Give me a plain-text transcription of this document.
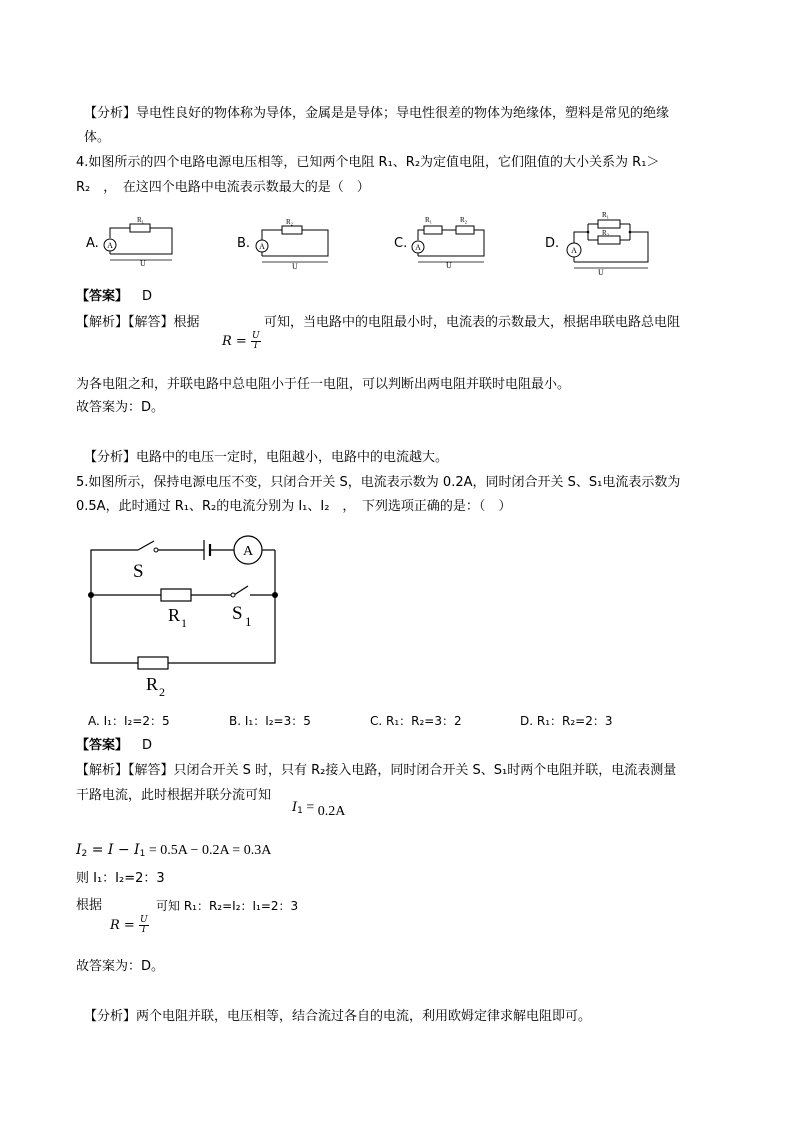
【分析】导电性良好的物体称为导体，金属是是导体；导电性很差的物体为绝缘体，塑料是常见的绝缘
体。
4.如图所示的四个电路电源电压相等，已知两个电阻 R₁、R₂为定值电阻，它们阻值的大小关系为 R₁＞
R₂　，　在这四个电路中电流表示数最大的是（　）
A.	B.	C.	D.
A
R₁
U
A
R₂
U
A
R₁	R₂
U
A
R₁
R₂
U
【答案】 D
【解析】【解答】根据	可知，当电路中的电阻最小时，电流表的示数最大，根据串联电路总电阻
$R = \frac{U}{I}$
为各电阻之和，并联电路中总电阻小于任一电阻，可以判断出两电阻并联时电阻最小。
故答案为：D。
【分析】电路中的电压一定时，电阻越小，电路中的电流越大。
5.如图所示，保持电源电压不变，只闭合开关 S，电流表示数为 0.2A，同时闭合开关 S、S₁电流表示数为
0.5A，此时通过 R₁、R₂的电流分别为 I₁、I₂　，　下列选项正确的是：（　）
A
S
S 1
R 1
R 2
A. I₁：I₂=2：5	B. I₁：I₂=3：5	C. R₁：R₂=3：2	D. R₁：R₂=2：3
【答案】 D
【解析】【解答】只闭合开关 S 时，只有 R₂接入电路，同时闭合开关 S、S₁时两个电阻并联，电流表测量
干路电流，此时根据并联分流可知
$I_1 = 0.2A$
$I_2 = I - I_1 = 0.5A - 0.2A = 0.3A$
则 I₁：I₂=2：3
根据	可知 R₁：R₂=I₂：I₁=2：3
$R = \frac{U}{I}$
故答案为：D。
【分析】两个电阻并联，电压相等，结合流过各自的电流，利用欧姆定律求解电阻即可。
